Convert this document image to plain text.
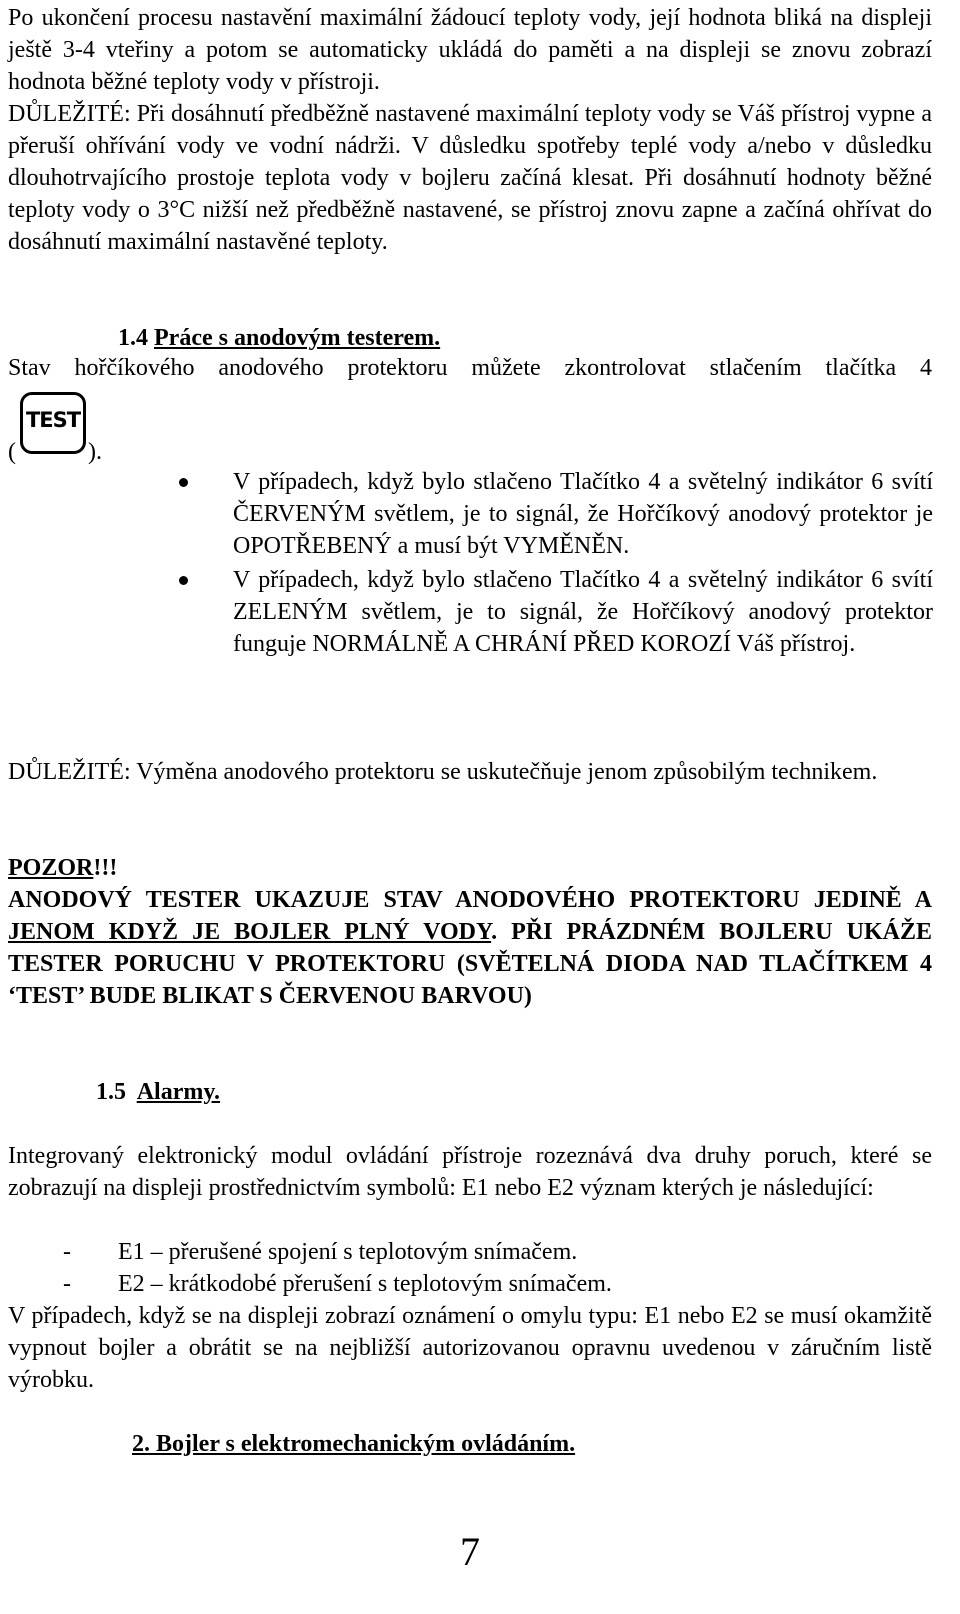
Po ukončení procesu nastavění maximální žádoucí teploty vody, její hodnota bliká na displeji ještě 3-4 vteřiny a potom se automaticky ukládá do paměti a na displeji se znovu zobrazí hodnota běžné teploty vody v přístroji.

DŮLEŽITÉ: Při dosáhnutí předběžně nastavené maximální teploty vody se Váš přístroj vypne a přeruší ohřívání vody ve vodní nádrži. V důsledku spotřeby teplé vody a/nebo v důsledku dlouhotrvajícího prostoje teplota vody v bojleru začíná klesat. Při dosáhnutí hodnoty běžné teploty vody o 3°C nižší než předběžně nastavené, se přístroj znovu zapne a začíná ohřívat do dosáhnutí maximální nastavěné teploty.

1.4 Práce s anodovým testerem.

Stav hořčíkového anodového protektoru můžete zkontrolovat stlačením tlačítka 4

(
TEST
).
V případech, když bylo stlačeno Tlačítko 4 a světelný indikátor 6 svítí ČERVENÝM světlem, je to signál, že Hořčíkový anodový protektor je OPOTŘEBENÝ a musí být VYMĚNĚN.
V případech, když bylo stlačeno Tlačítko 4 a světelný indikátor 6 svítí ZELENÝM světlem, je to signál, že Hořčíkový anodový protektor funguje NORMÁLNĚ A CHRÁNÍ PŘED KOROZÍ Váš přístroj.

DŮLEŽITÉ: Výměna anodového protektoru se uskutečňuje jenom způsobilým technikem.

POZOR!!!

ANODOVÝ TESTER UKAZUJE STAV ANODOVÉHO PROTEKTORU JEDINĚ A JENOM KDYŽ JE BOJLER PLNÝ VODY. PŘI PRÁZDNÉM BOJLERU UKÁŽE TESTER PORUCHU V PROTEKTORU (SVĚTELNÁ DIODA NAD TLAČÍTKEM 4 ‘TEST’ BUDE BLIKAT S ČERVENOU BARVOU)

1.5 Alarmy.

Integrovaný elektronický modul ovládání přístroje rozeznává dva druhy poruch, které se zobrazují na displeji prostřednictvím symbolů: E1 nebo E2 význam kterých je následující:

- E1 – přerušené spojení s teplotovým snímačem.
- E2 – krátkodobé přerušení s teplotovým snímačem.

V případech, když se na displeji zobrazí oznámení o omylu typu: E1 nebo E2 se musí okamžitě vypnout bojler a obrátit se na nejbližší autorizovanou opravnu uvedenou v záručním listě výrobku.

2. Bojler s elektromechanickým ovládáním.
7
